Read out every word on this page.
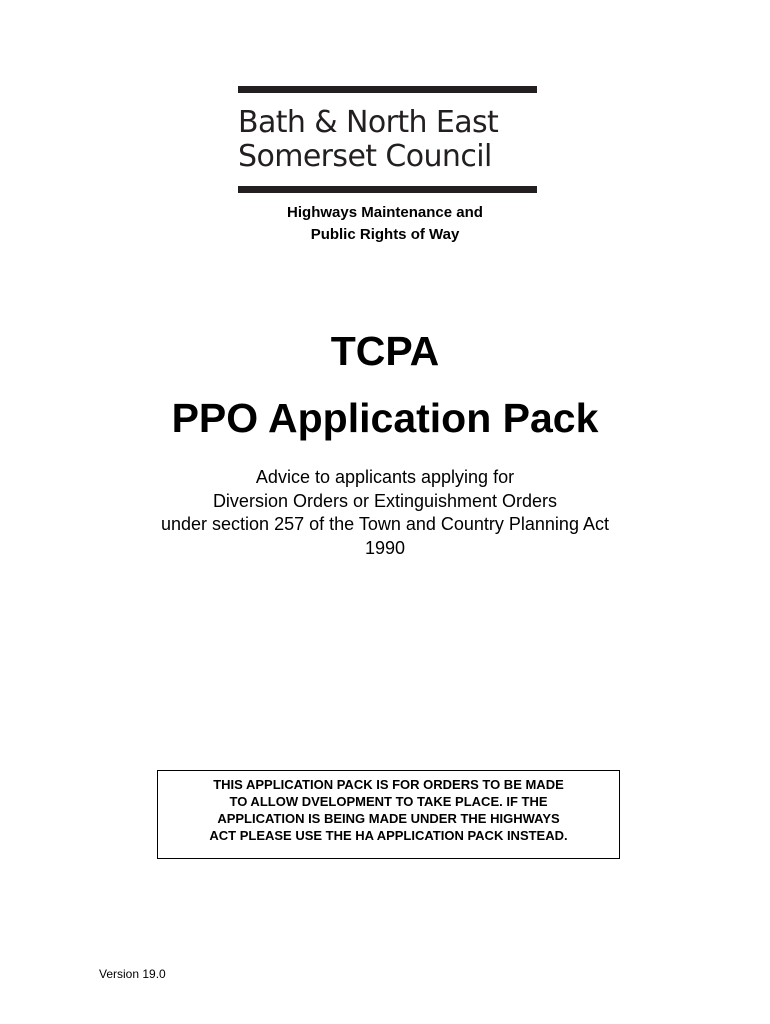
Bath & North East
Somerset Council
Highways Maintenance and
Public Rights of Way
TCPA
PPO Application Pack
Advice to applicants applying for
Diversion Orders or Extinguishment Orders
under section 257 of the Town and Country Planning Act
1990
THIS APPLICATION PACK IS FOR ORDERS TO BE MADE
TO ALLOW DVELOPMENT TO TAKE PLACE. IF THE
APPLICATION IS BEING MADE UNDER THE HIGHWAYS
ACT PLEASE USE THE HA APPLICATION PACK INSTEAD.
Version 19.0
